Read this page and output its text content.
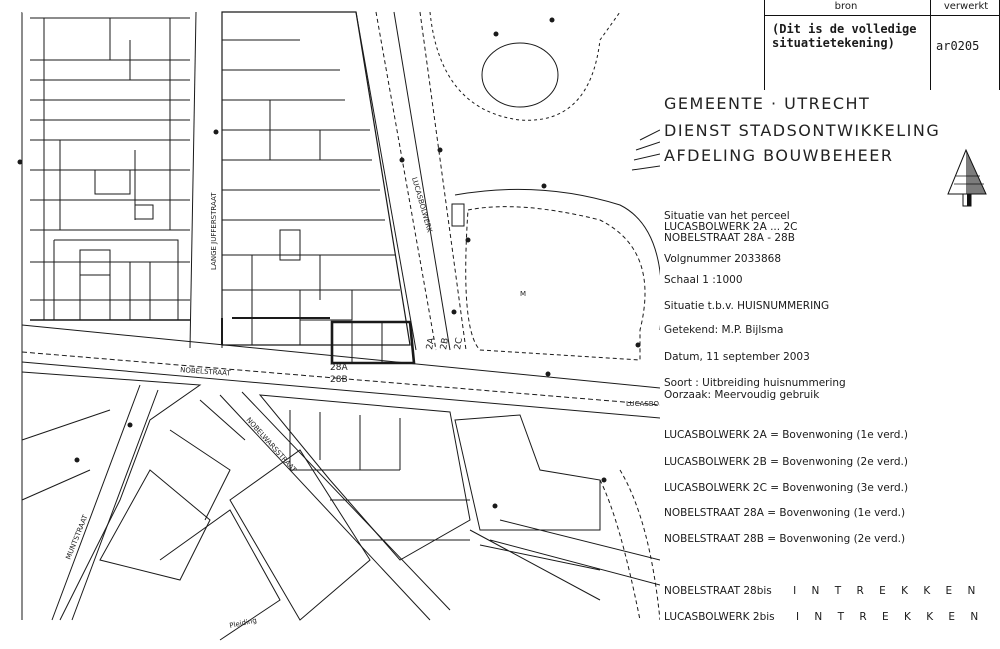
LANGE JUFFERSTRAAT	LUCASBOLWERK
LUCASBO
NOBELSTRAAT
NOBELWARSSTRAAT
MUNTSTRAAT
Pleiding
28A
28B
2A 2B 2C
M
bron	verwerkt
(Dit is de volledige
situatietekening)	ar0205
GEMEENTE · UTRECHT
DIENST STADSONTWIKKELING
AFDELING BOUWBEHEER
Situatie van het perceel
LUCASBOLWERK 2A ... 2C
NOBELSTRAAT 28A - 28B
Volgnummer 2033868
Schaal 1 :1000
Situatie t.b.v. HUISNUMMERING
Getekend: M.P. Bijlsma
Datum, 11 september 2003
Soort : Uitbreiding huisnummering
Oorzaak: Meervoudig gebruik
LUCASBOLWERK 2A = Bovenwoning (1e verd.)
LUCASBOLWERK 2B = Bovenwoning (2e verd.)
LUCASBOLWERK 2C = Bovenwoning (3e verd.)
NOBELSTRAAT 28A = Bovenwoning (1e verd.)
NOBELSTRAAT 28B = Bovenwoning (2e verd.)
NOBELSTRAAT 28bis I N T R E K K E N
LUCASBOLWERK 2bis I N T R E K K E N
